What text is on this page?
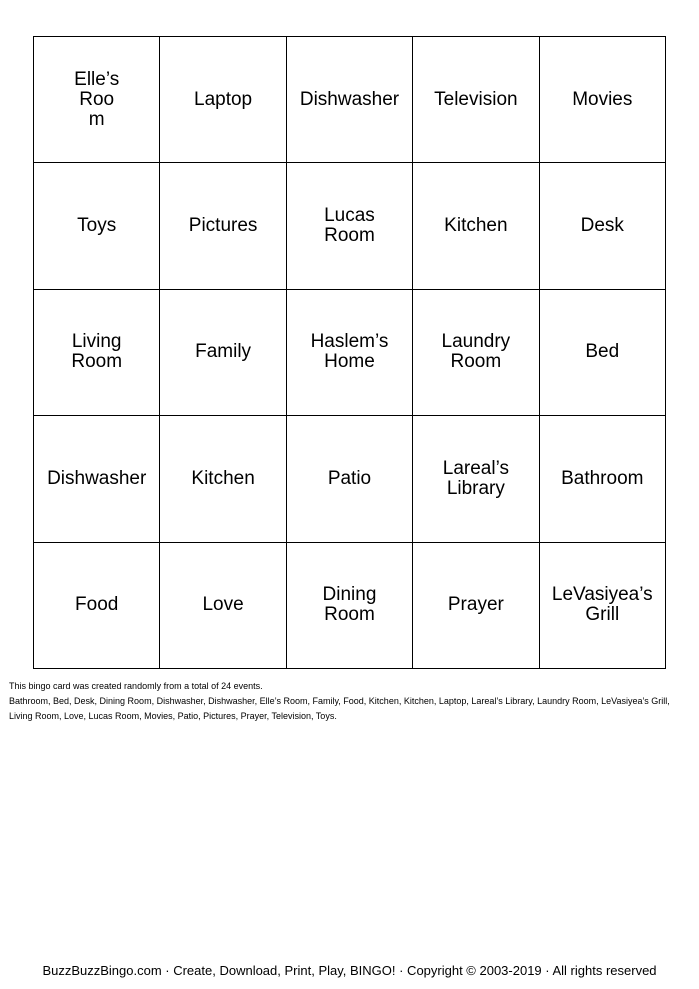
Elle’s Room	Laptop	Dishwasher	Television	Movies
Toys	Pictures	Lucas Room	Kitchen	Desk
Living Room	Family	Haslem’s Home	Laundry Room	Bed
Dishwasher	Kitchen	Patio	Lareal’s Library	Bathroom
Food	Love	Dining Room	Prayer	LeVasiyea’s Grill
This bingo card was created randomly from a total of 24 events.
Bathroom, Bed, Desk, Dining Room, Dishwasher, Dishwasher, Elle’s Room, Family, Food, Kitchen, Kitchen, Laptop, Lareal’s Library, Laundry Room, LeVasiyea’s Grill, Living Room, Love, Lucas Room, Movies, Patio, Pictures, Prayer, Television, Toys.
BuzzBuzzBingo.com · Create, Download, Print, Play, BINGO! · Copyright © 2003-2019 · All rights reserved
